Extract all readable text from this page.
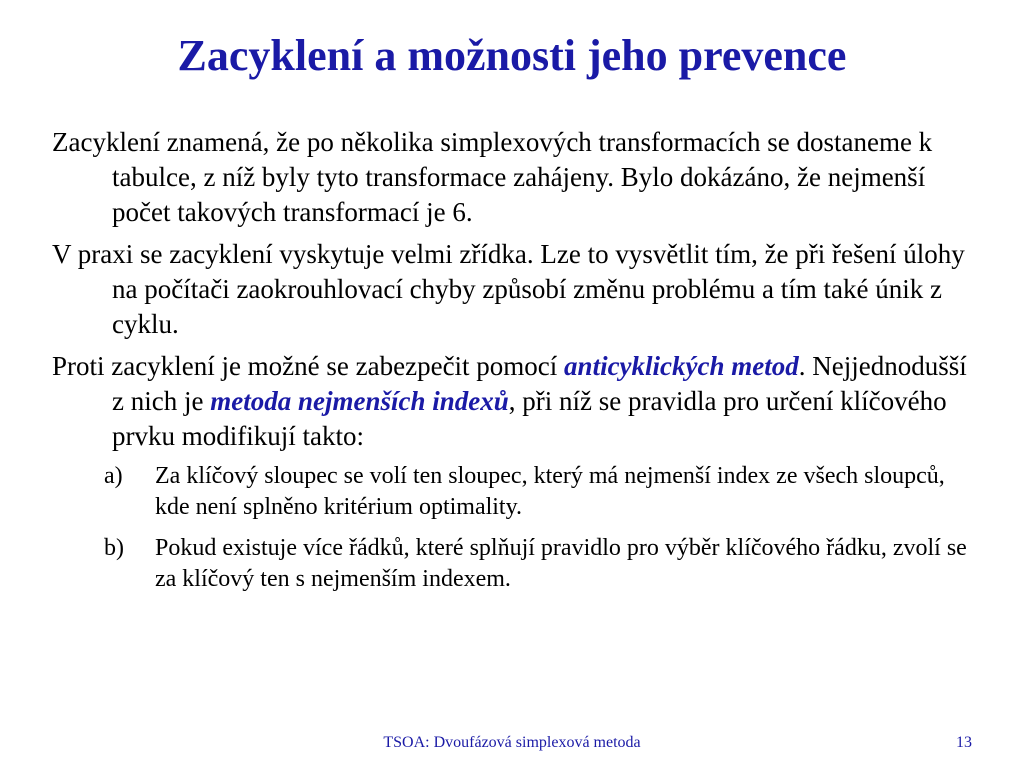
Zacyklení a možnosti jeho prevence

Zacyklení znamená, že po několika simplexových transformacích se dostaneme k tabulce, z níž byly tyto transformace zahájeny. Bylo dokázáno, že nejmenší počet takových transformací je 6.

V praxi se zacyklení vyskytuje velmi zřídka. Lze to vysvětlit tím, že při řešení úlohy na počítači zaokrouhlovací chyby způsobí změnu problému a tím také únik z cyklu.

Proti zacyklení je možné se zabezpečit pomocí anticyklických metod. Nejjednodušší z nich je metoda nejmenších indexů, při níž se pravidla pro určení klíčového prvku modifikují takto:

a) Za klíčový sloupec se volí ten sloupec, který má nejmenší index ze všech sloupců, kde není splněno kritérium optimality.
b) Pokud existuje více řádků, které splňují pravidlo pro výběr klíčového řádku, zvolí se za klíčový ten s nejmenším indexem.
TSOA: Dvoufázová simplexová metoda	13
